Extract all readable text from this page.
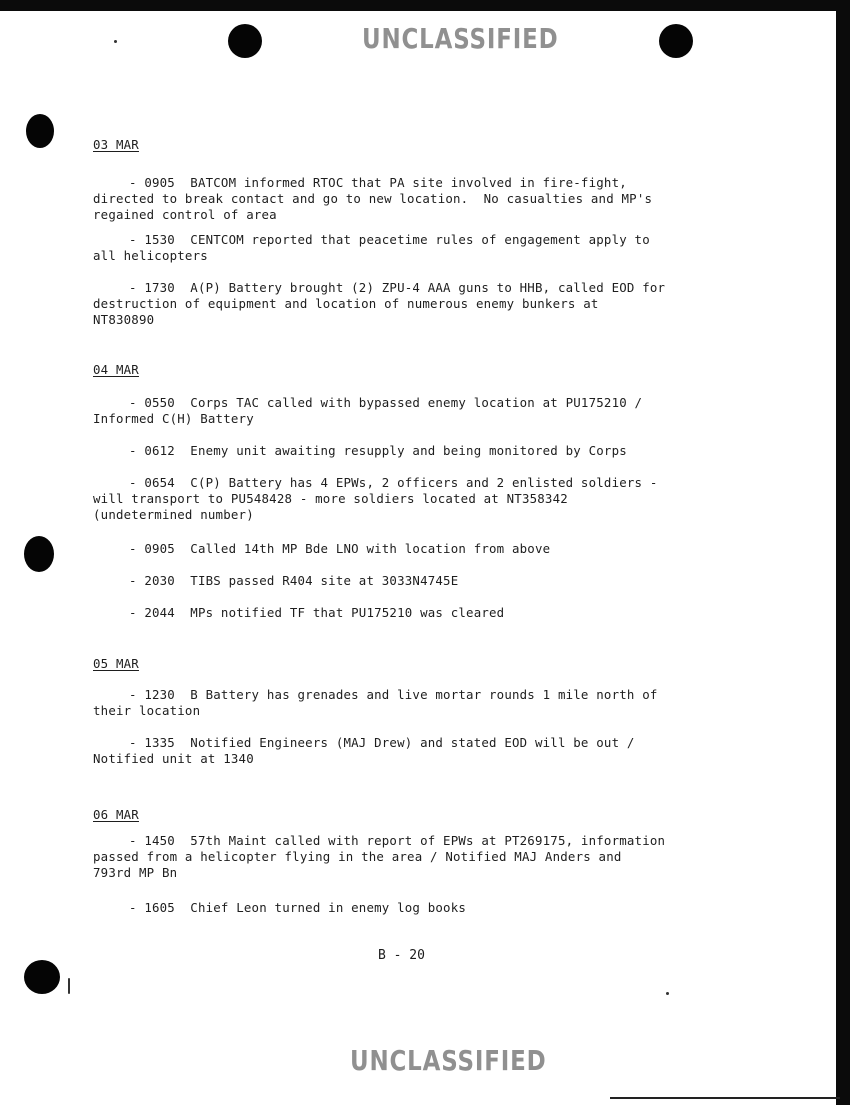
UNCLASSIFIED
03 MAR
- 0905  BATCOM informed RTOC that PA site involved in fire-fight,
directed to break contact and go to new location.  No casualties and MP's
regained control of area
- 1530  CENTCOM reported that peacetime rules of engagement apply to
all helicopters
- 1730  A(P) Battery brought (2) ZPU-4 AAA guns to HHB, called EOD for
destruction of equipment and location of numerous enemy bunkers at
NT830890
04 MAR
- 0550  Corps TAC called with bypassed enemy location at PU175210 /
Informed C(H) Battery
- 0612  Enemy unit awaiting resupply and being monitored by Corps
- 0654  C(P) Battery has 4 EPWs, 2 officers and 2 enlisted soldiers -
will transport to PU548428 - more soldiers located at NT358342
(undetermined number)
- 0905  Called 14th MP Bde LNO with location from above
- 2030  TIBS passed R404 site at 3033N4745E
- 2044  MPs notified TF that PU175210 was cleared
05 MAR
- 1230  B Battery has grenades and live mortar rounds 1 mile north of
their location
- 1335  Notified Engineers (MAJ Drew) and stated EOD will be out /
Notified unit at 1340
06 MAR
- 1450  57th Maint called with report of EPWs at PT269175, information
passed from a helicopter flying in the area / Notified MAJ Anders and
793rd MP Bn
- 1605  Chief Leon turned in enemy log books
B - 20
UNCLASSIFIED
